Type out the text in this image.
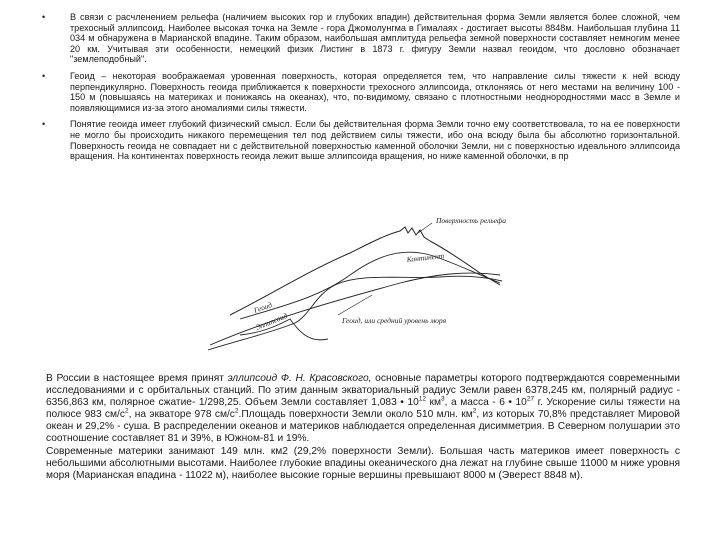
•	В связи с расчленением рельефа (наличием высоких гор и глубоких впадин) действительная форма Земли является более сложной, чем трехосный эллипсоид. Наиболее высокая точка на Земле - гора Джомолунгма в Гималаях - достигает высоты 8848м. Наибольшая глубина 11 034 м обнаружена в Марианской впадине. Таким образом, наибольшая амплитуда рельефа земной поверхности составляет немногим менее 20 км. Учитывая эти особенности, немецкий физик Листинг в 1873 г. фигуру Земли назвал геоидом, что дословно обозначает "землеподобный".
•	Геоид – некоторая воображаемая уровенная поверхность, которая определяется тем, что направление силы тяжести к ней всюду перпендикулярно. Поверхность геоида приближается к поверхности трехосного эллипсоида, отклоняясь от него местами на величину 100 - 150 м (повышаясь на материках и понижаясь на океанах), что, по-видимому, связано с плотностными неоднородностями масс в Земле и появляющимися из-за этого аномалиями силы тяжести.
•	Понятие геоида имеет глубокий физический смысл. Если бы действительная форма Земли точно ему соответствовала, то на ее поверхности не могло бы происходить никакого перемещения тел под действием силы тяжести, ибо она всюду была бы абсолютно горизонтальной. Поверхность геоида не совпадает ни с действительной поверхностью каменной оболочки Земли, ни с поверхностью идеального эллипсоида вращения. На континентах поверхность геоида лежит выше эллипсоида вращения, но ниже каменной оболочки, в пр
Поверхность рельефа
Континент
Геоид
Эллипсоид	Геоид, или средний уровень моря

В России в настоящее время принят эллипсоид Ф. Н. Красовского, основные параметры которого подтверждаются современными исследованиями и с орбитальных станций. По этим данным экваториальный радиус Земли равен 6378,245 км, полярный радиус - 6356,863 км, полярное сжатие- 1/298,25. Объем Земли составляет 1,083 • $10^{12}$ $км^3$, а масса - 6 • $10^{27}$ г. Ускорение силы тяжести на полюсе 983 $см/с^2$, на экваторе 978 $см/с^2.Площадь$ поверхности Земли около 510 млн. $км^2$, из которых 70,8% представляет Мировой океан и 29,2% - суша. В распределении океанов и материков наблюдается определенная дисимметрия. В Северном полушарии это соотношение составляет 81 и 39%, в Южном-81 и 19%.

Современные материки занимают 149 млн. км2 (29,2% поверхности Земли). Большая часть материков имеет поверхность с небольшими абсолютными высотами. Наиболее глубокие впадины океанического дна лежат на глубине свыше 11000 м ниже уровня моря (Марианская впадина - 11022 м), наиболее высокие горные вершины превышают 8000 м (Эверест 8848 м).
